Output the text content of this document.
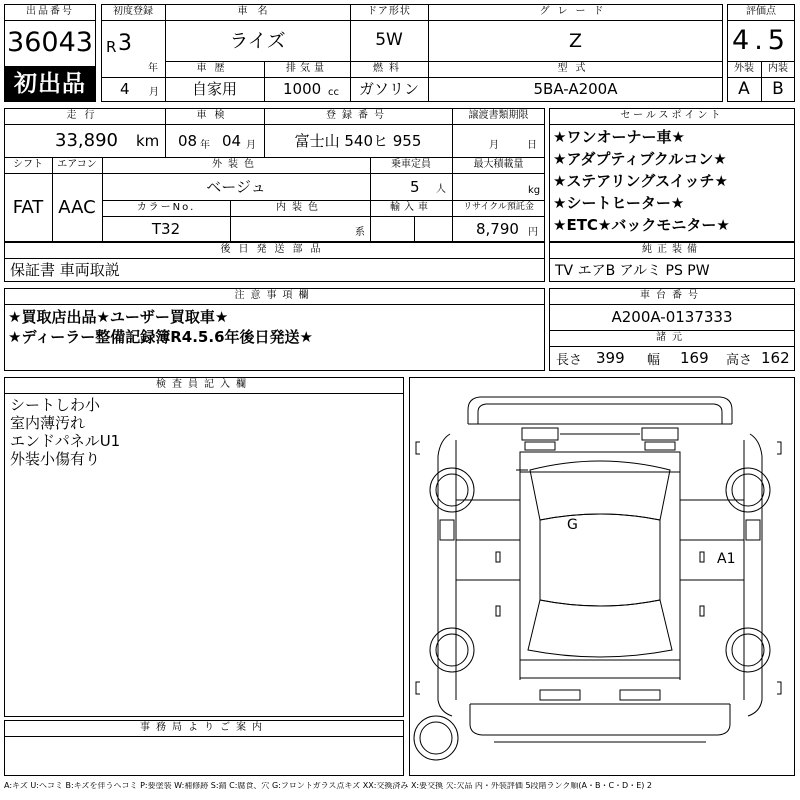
出品番号
36043
初出品
初度登録
R 3
年
4 月
車名
ライズ
ドア形状
5W
グレード
Z
車歴
自家用
排気量
1000 cc
燃料
ガソリン
型式
5BA-A200A
評価点
4.5
外装	内装
A	B
走行
33,890 km
車検
08 年 04 月
登録番号
富士山 540ヒ 955
譲渡書類期限
月	日
シフト
FAT
エアコン
AAC
外装色
ベージュ
乗車定員
5 人
最大積載量
kg
カラーNo.
T32
内装色
系
輸入車	リサイクル預託金
8,790 円
後日発送部品
保証書 車両取説
セールスポイント
★ワンオーナー車★
★アダプティブクルコン★
★ステアリングスイッチ★
★シートヒーター★
★ETC★バックモニター★
純正装備
TV エアB アルミ PS PW
注意事項欄
★買取店出品★ユーザー買取車★
★ディーラー整備記録簿R4.5.6年後日発送★
車台番号
A200A-0137333
諸元
長さ 399 幅 169 高さ 162
検査員記入欄
シートしわ小
室内薄汚れ
エンドパネルU1
外装小傷有り
事務局よりご案内
G
A1
A:キズ U:ヘコミ B:キズを伴うヘコミ P:要塗装 W:補修跡 S:錆 C:腐食、穴 G:フロントガラス点キズ XX:交換済み X:要交換 欠:欠品 内・外装評価 5段階ランク順(A・B・C・D・E) 2
